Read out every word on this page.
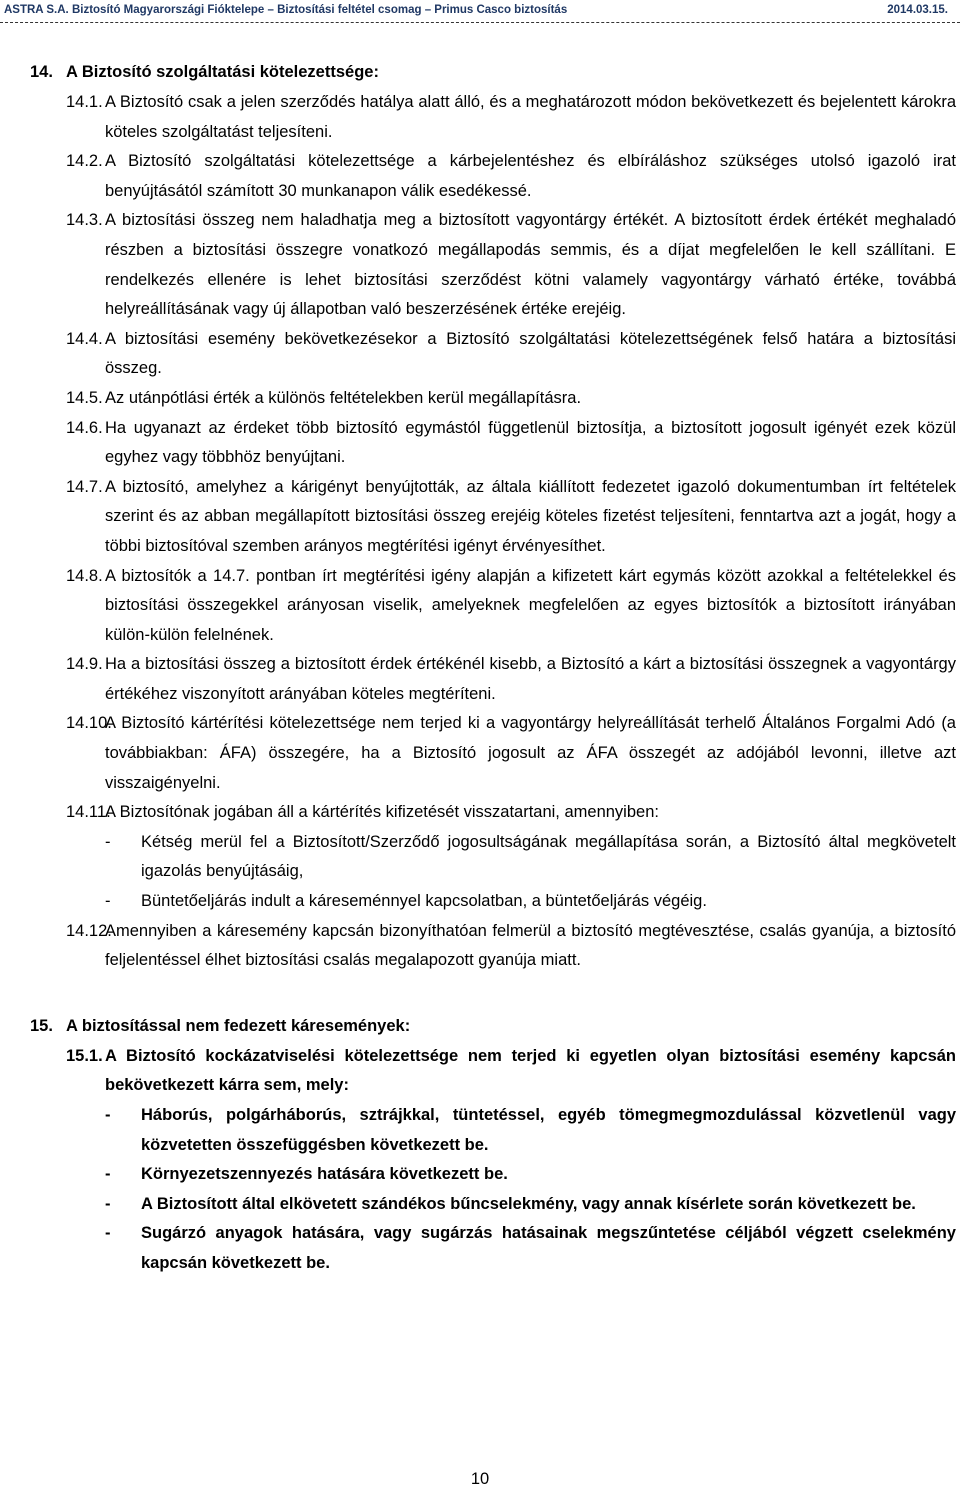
ASTRA S.A. Biztosító Magyarországi Fióktelepe – Biztosítási feltétel csomag – Primus Casco biztosítás	2014.03.15.
14. A Biztosító szolgáltatási kötelezettsége:
14.1. A Biztosító csak a jelen szerződés hatálya alatt álló, és a meghatározott módon bekövetkezett és bejelentett károkra köteles szolgáltatást teljesíteni.
14.2. A Biztosító szolgáltatási kötelezettsége a kárbejelentéshez és elbíráláshoz szükséges utolsó igazoló irat benyújtásától számított 30 munkanapon válik esedékessé.
14.3. A biztosítási összeg nem haladhatja meg a biztosított vagyontárgy értékét. A biztosított érdek értékét meghaladó részben a biztosítási összegre vonatkozó megállapodás semmis, és a díjat megfelelően le kell szállítani. E rendelkezés ellenére is lehet biztosítási szerződést kötni valamely vagyontárgy várható értéke, továbbá helyreállításának vagy új állapotban való beszerzésének értéke erejéig.
14.4. A biztosítási esemény bekövetkezésekor a Biztosító szolgáltatási kötelezettségének felső határa a biztosítási összeg.
14.5. Az utánpótlási érték a különös feltételekben kerül megállapításra.
14.6. Ha ugyanazt az érdeket több biztosító egymástól függetlenül biztosítja, a biztosított jogosult igényét ezek közül egyhez vagy többhöz benyújtani.
14.7. A biztosító, amelyhez a kárigényt benyújtották, az általa kiállított fedezetet igazoló dokumentumban írt feltételek szerint és az abban megállapított biztosítási összeg erejéig köteles fizetést teljesíteni, fenntartva azt a jogát, hogy a többi biztosítóval szemben arányos megtérítési igényt érvényesíthet.
14.8. A biztosítók a 14.7. pontban írt megtérítési igény alapján a kifizetett kárt egymás között azokkal a feltételekkel és biztosítási összegekkel arányosan viselik, amelyeknek megfelelően az egyes biztosítók a biztosított irányában külön-külön felelnének.
14.9. Ha a biztosítási összeg a biztosított érdek értékénél kisebb, a Biztosító a kárt a biztosítási összegnek a vagyontárgy értékéhez viszonyított arányában köteles megtéríteni.
14.10.
A Biztosító kártérítési kötelezettsége nem terjed ki a vagyontárgy helyreállítását terhelő Általános Forgalmi Adó (a továbbiakban: ÁFA) összegére, ha a Biztosító jogosult az ÁFA összegét az adójából levonni, illetve azt visszaigényelni.
14.11.
A Biztosítónak jogában áll a kártérítés kifizetését visszatartani, amennyiben:
- Kétség merül fel a Biztosított/Szerződő jogosultságának megállapítása során, a Biztosító által megkövetelt igazolás benyújtásáig,
- Büntetőeljárás indult a káreseménnyel kapcsolatban, a büntetőeljárás végéig.
14.12.
Amennyiben a káresemény kapcsán bizonyíthatóan felmerül a biztosító megtévesztése, csalás gyanúja, a biztosító feljelentéssel élhet biztosítási csalás megalapozott gyanúja miatt.
15. A biztosítással nem fedezett káresemények:
15.1. A Biztosító kockázatviselési kötelezettsége nem terjed ki egyetlen olyan biztosítási esemény kapcsán bekövetkezett kárra sem, mely:
- Háborús, polgárháborús, sztrájkkal, tüntetéssel, egyéb tömegmegmozdulással közvetlenül vagy közvetetten összefüggésben következett be.
- Környezetszennyezés hatására következett be.
- A Biztosított által elkövetett szándékos bűncselekmény, vagy annak kísérlete során következett be.
- Sugárzó anyagok hatására, vagy sugárzás hatásainak megszűntetése céljából végzett cselekmény kapcsán következett be.
10
